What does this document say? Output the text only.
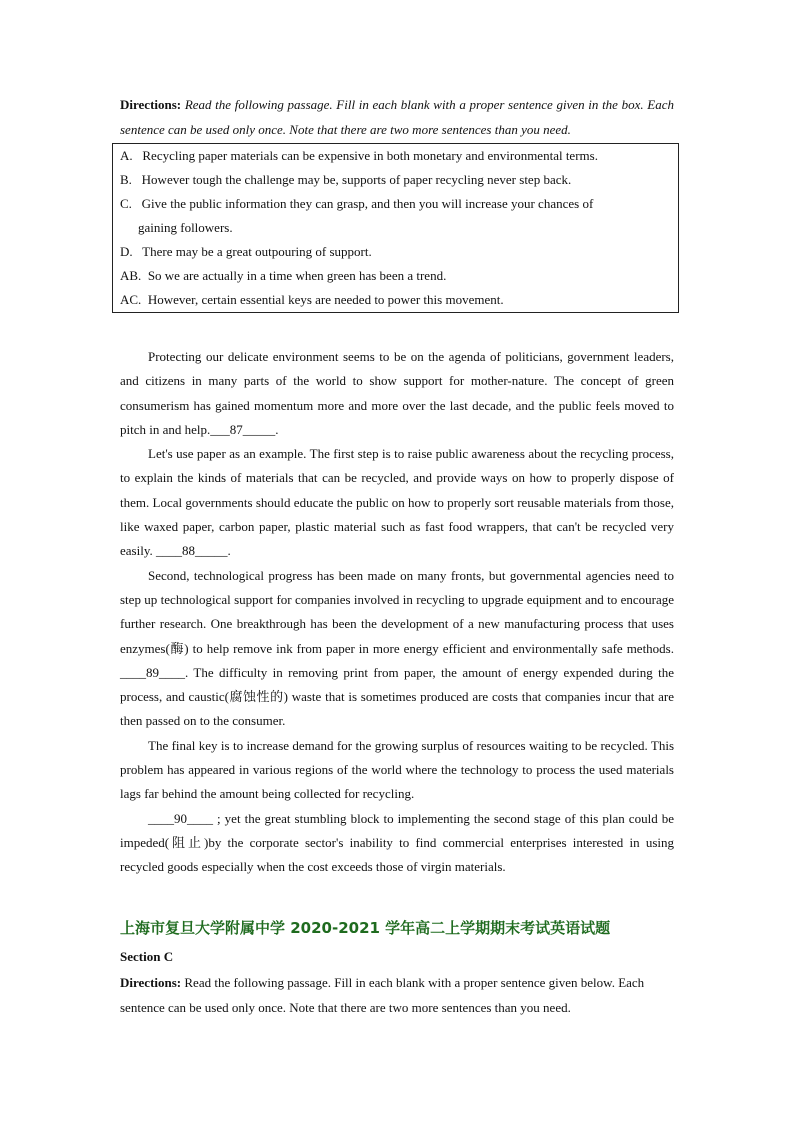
Directions: Read the following passage. Fill in each blank with a proper sentence given in the box. Each sentence can be used only once. Note that there are two more sentences than you need.
A. Recycling paper materials can be expensive in both monetary and environmental terms.
B. However tough the challenge may be, supports of paper recycling never step back.
C. Give the public information they can grasp, and then you will increase your chances of
gaining followers.
D. There may be a great outpouring of support.
AB. So we are actually in a time when green has been a trend.
AC. However, certain essential keys are needed to power this movement.

Protecting our delicate environment seems to be on the agenda of politicians, government leaders, and citizens in many parts of the world to show support for mother-nature. The concept of green consumerism has gained momentum more and more over the last decade, and the public feels moved to pitch in and help.___87_____.

Let's use paper as an example. The first step is to raise public awareness about the recycling process, to explain the kinds of materials that can be recycled, and provide ways on how to properly dispose of them. Local governments should educate the public on how to properly sort reusable materials from those, like waxed paper, carbon paper, plastic material such as fast food wrappers, that can't be recycled very easily. ____88_____.

Second, technological progress has been made on many fronts, but governmental agencies need to step up technological support for companies involved in recycling to upgrade equipment and to encourage further research. One breakthrough has been the development of a new manufacturing process that uses enzymes(酶) to help remove ink from paper in more energy efficient and environmentally safe methods. ____89____. The difficulty in removing print from paper, the amount of energy expended during the process, and caustic(腐蚀性的) waste that is sometimes produced are costs that companies incur that are then passed on to the consumer.

The final key is to increase demand for the growing surplus of resources waiting to be recycled. This problem has appeared in various regions of the world where the technology to process the used materials lags far behind the amount being collected for recycling.

____90____ ; yet the great stumbling block to implementing the second stage of this plan could be impeded(阻止)by the corporate sector's inability to find commercial enterprises interested in using recycled goods especially when the cost exceeds those of virgin materials.

上海市复旦大学附属中学 2020-2021 学年高二上学期期末考试英语试题
Section C
Directions: Read the following passage. Fill in each blank with a proper sentence given below. Each sentence can be used only once. Note that there are two more sentences than you need.
